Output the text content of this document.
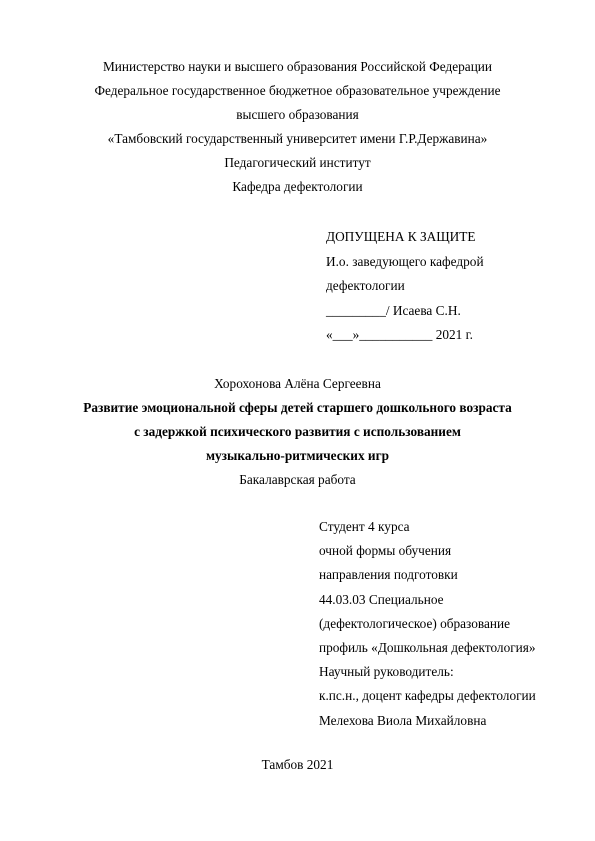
Министерство науки и высшего образования Российской Федерации
Федеральное государственное бюджетное образовательное учреждение
высшего образования
«Тамбовский государственный университет имени Г.Р.Державина»
Педагогический институт
Кафедра дефектологии
ДОПУЩЕНА К ЗАЩИТЕ
И.о. заведующего кафедрой
дефектологии
_________/ Исаева С.Н.
«___»___________ 2021 г.
Хорохонова Алёна Сергеевна
Развитие эмоциональной сферы детей старшего дошкольного возраста
с задержкой психического развития с использованием
музыкально-ритмических игр
Бакалаврская работа
Студент 4 курса
очной формы обучения
направления подготовки
44.03.03 Специальное
(дефектологическое) образование
профиль «Дошкольная дефектология»
Научный руководитель:
к.пс.н., доцент кафедры дефектологии
Мелехова Виола Михайловна
Тамбов 2021
